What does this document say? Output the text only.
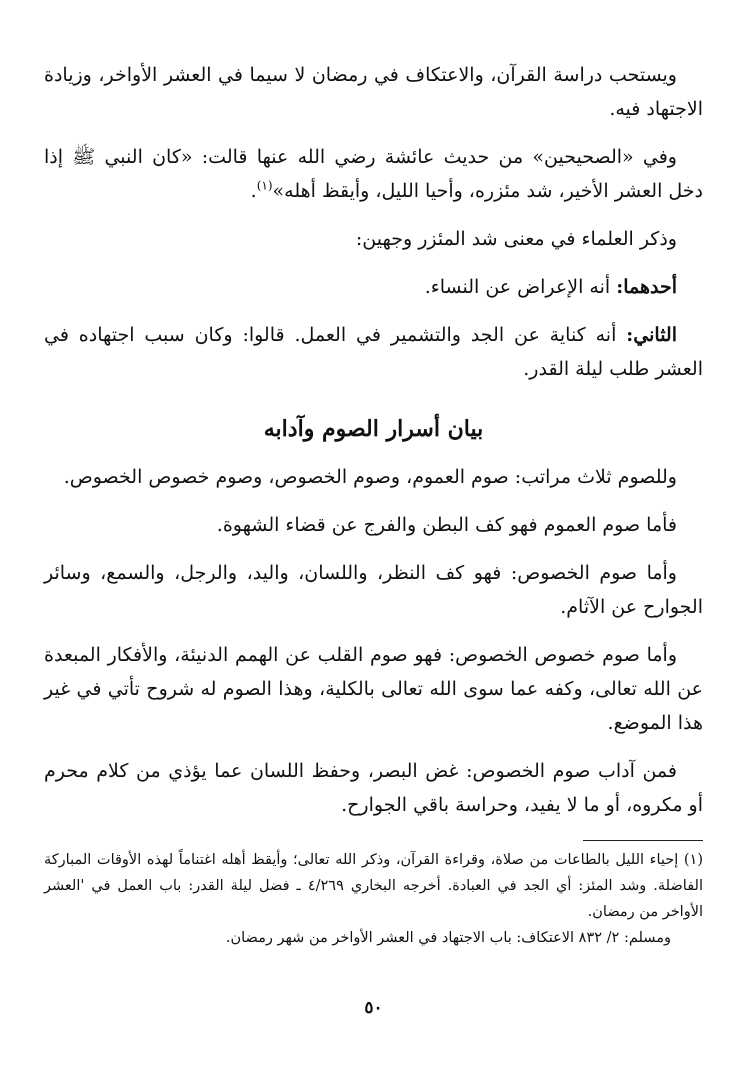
ويستحب دراسة القرآن، والاعتكاف في رمضان لا سيما في العشر الأواخر، وزيادة الاجتهاد فيه.

وفي «الصحيحين» من حديث عائشة رضي الله عنها قالت: «كان النبي ﷺ إذا دخل العشر الأخير، شد مئزره، وأحيا الليل، وأيقظ أهله»$^{(١)}$.

وذكر العلماء في معنى شد المئزر وجهين:

أحدهما: أنه الإعراض عن النساء.

الثاني: أنه كناية عن الجد والتشمير في العمل. قالوا: وكان سبب اجتهاده في العشر طلب ليلة القدر.

بيان أسرار الصوم وآدابه

وللصوم ثلاث مراتب: صوم العموم، وصوم الخصوص، وصوم خصوص الخصوص.

فأما صوم العموم فهو كف البطن والفرج عن قضاء الشهوة.

وأما صوم الخصوص: فهو كف النظر، واللسان، واليد، والرجل، والسمع، وسائر الجوارح عن الآثام.

وأما صوم خصوص الخصوص: فهو صوم القلب عن الهمم الدنيئة، والأفكار المبعدة عن الله تعالى، وكفه عما سوى الله تعالى بالكلية، وهذا الصوم له شروح تأتي في غير هذا الموضع.

فمن آداب صوم الخصوص: غض البصر، وحفظ اللسان عما يؤذي من كلام محرم أو مكروه، أو ما لا يفيد، وحراسة باقي الجوارح.

(١) إحياء الليل بالطاعات من صلاة، وقراءة القرآن، وذكر الله تعالى؛ وأيقظ أهله اغتناماً لهذه الأوقات المباركة الفاضلة. وشد المئز: أي الجد في العبادة. أخرجه البخاري ٤/٢٦٩ ـ فضل ليلة القدر: باب العمل في 'العشر الأواخر من رمضان.

ومسلم: ٢/ ٨٣٢ الاعتكاف: باب الاجتهاد في العشر الأواخر من شهر رمضان.

٥٠
